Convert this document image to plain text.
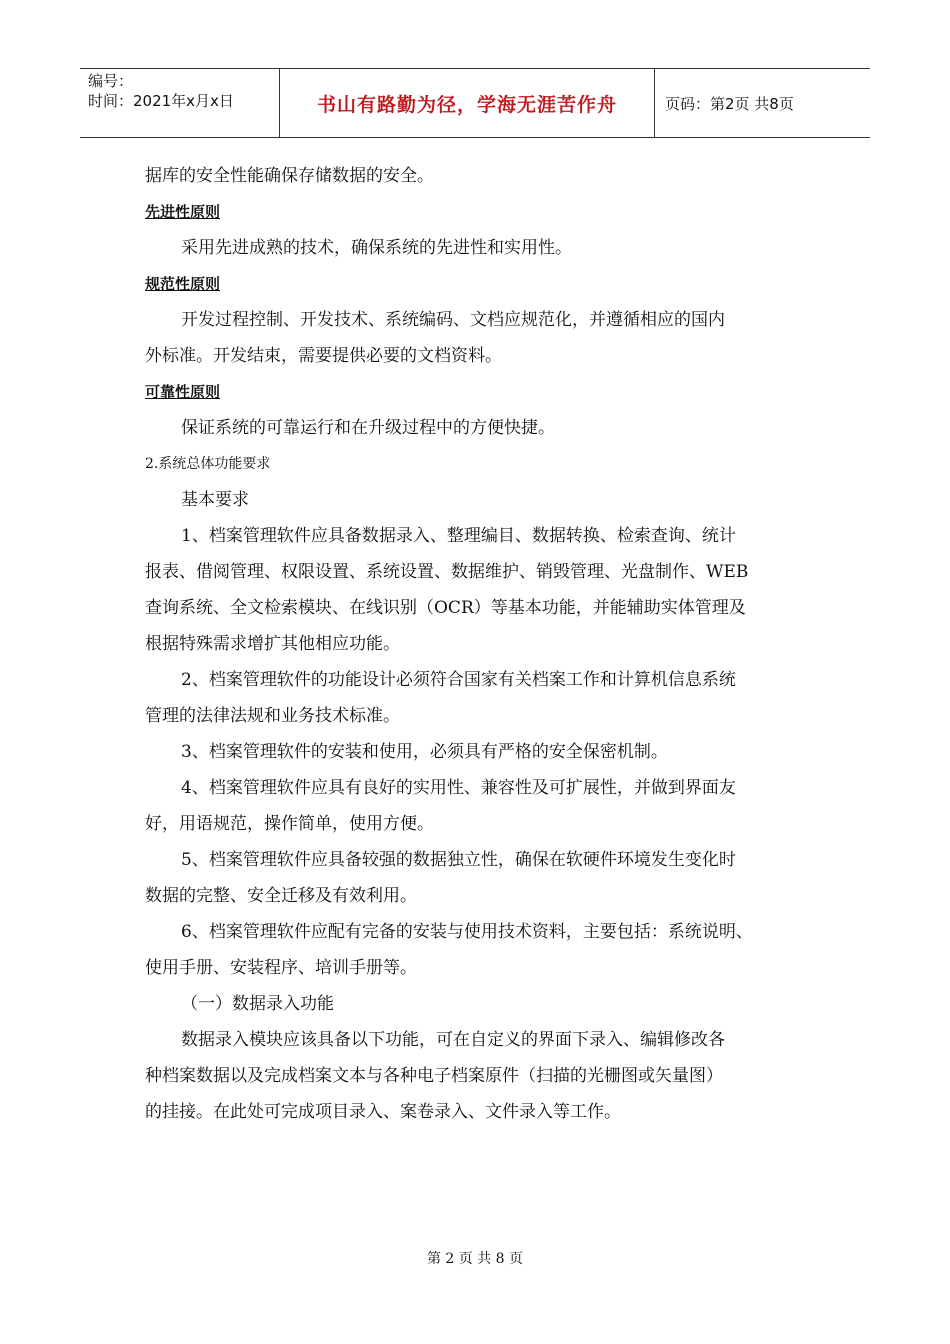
编号：
时间：2021年x月x日	书山有路勤为径，学海无涯苦作舟	页码：第2页 共8页

据库的安全性能确保存储数据的安全。

先进性原则

采用先进成熟的技术，确保系统的先进性和实用性。

规范性原则

开发过程控制、开发技术、系统编码、文档应规范化，并遵循相应的国内

外标准。开发结束，需要提供必要的文档资料。

可靠性原则

保证系统的可靠运行和在升级过程中的方便快捷。

2.系统总体功能要求

基本要求

1、档案管理软件应具备数据录入、整理编目、数据转换、检索查询、统计

报表、借阅管理、权限设置、系统设置、数据维护、销毁管理、光盘制作、WEB

查询系统、全文检索模块、在线识别（OCR）等基本功能，并能辅助实体管理及

根据特殊需求增扩其他相应功能。

2、档案管理软件的功能设计必须符合国家有关档案工作和计算机信息系统

管理的法律法规和业务技术标准。

3、档案管理软件的安装和使用，必须具有严格的安全保密机制。

4、档案管理软件应具有良好的实用性、兼容性及可扩展性，并做到界面友

好，用语规范，操作简单，使用方便。

5、档案管理软件应具备较强的数据独立性，确保在软硬件环境发生变化时

数据的完整、安全迁移及有效利用。

6、档案管理软件应配有完备的安装与使用技术资料，主要包括：系统说明、

使用手册、安装程序、培训手册等。

（一）数据录入功能

数据录入模块应该具备以下功能，可在自定义的界面下录入、编辑修改各

种档案数据以及完成档案文本与各种电子档案原件（扫描的光栅图或矢量图）

的挂接。在此处可完成项目录入、案卷录入、文件录入等工作。

第 2 页 共 8 页
